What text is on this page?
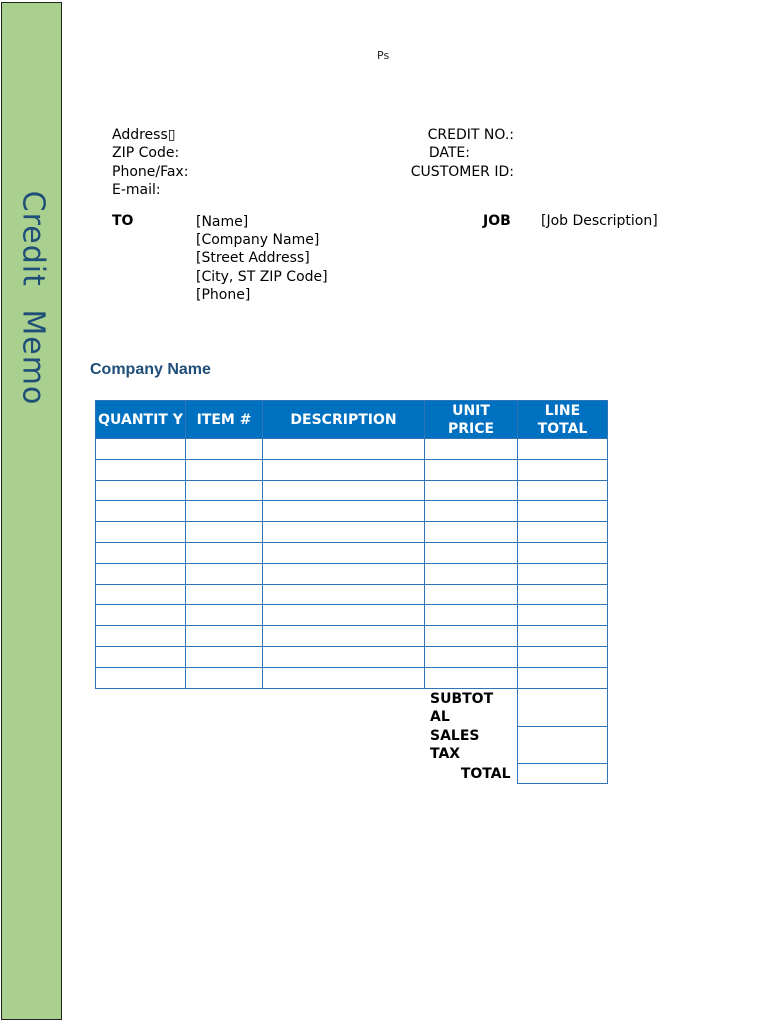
Credit Memo
Ps
Address▯
ZIP Code:
Phone/Fax:
E-mail:
CREDIT NO.:
DATE:
CUSTOMER ID:
TO	[Name]
[Company Name]
[Street Address]
[City, ST ZIP Code]
[Phone]
JOB [Job Description]
Company Name
QUANTIT Y	ITEM #	DESCRIPTION	UNIT PRICE	LINE TOTAL

SUBTOT AL	
SALES TAX	
TOTAL	
